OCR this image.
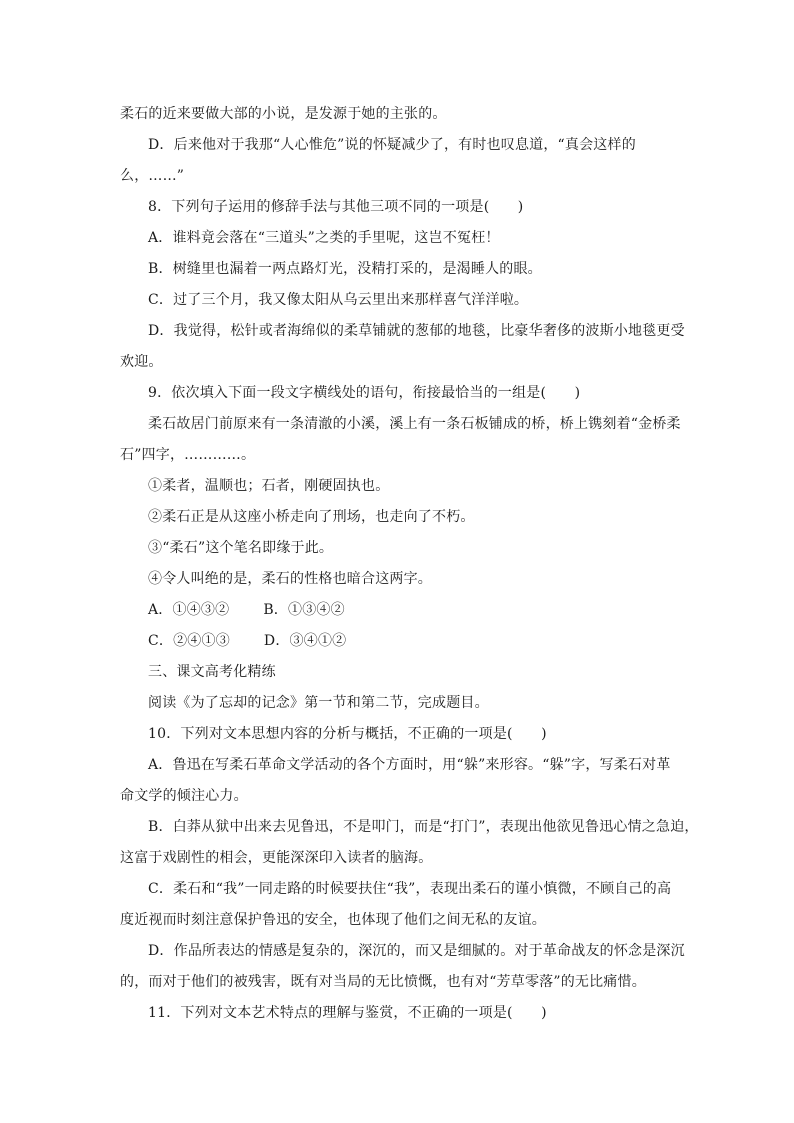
柔石的近来要做大部的小说，是发源于她的主张的。
D．后来他对于我那“人心惟危”说的怀疑减少了，有时也叹息道，“真会这样的
么，……”
8．下列句子运用的修辞手法与其他三项不同的一项是(　　)
A．谁料竟会落在“三道头”之类的手里呢，这岂不冤枉！
B．树缝里也漏着一两点路灯光，没精打采的，是渴睡人的眼。
C．过了三个月，我又像太阳从乌云里出来那样喜气洋洋啦。
D．我觉得，松针或者海绵似的柔草铺就的葱郁的地毯，比豪华奢侈的波斯小地毯更受
欢迎。
9．依次填入下面一段文字横线处的语句，衔接最恰当的一组是(　　)
柔石故居门前原来有一条清澈的小溪，溪上有一条石板铺成的桥，桥上镌刻着“金桥柔
石”四字，…………。
①柔者，温顺也；石者，刚硬固执也。
②柔石正是从这座小桥走向了刑场，也走向了不朽。
③“柔石”这个笔名即缘于此。
④令人叫绝的是，柔石的性格也暗合这两字。
A．①④③② B．①③④②
C．②④①③ D．③④①②
三、课文高考化精练
阅读《为了忘却的记念》第一节和第二节，完成题目。
10．下列对文本思想内容的分析与概括，不正确的一项是(　　)
A．鲁迅在写柔石革命文学活动的各个方面时，用“躲”来形容。“躲”字，写柔石对革
命文学的倾注心力。
B．白莽从狱中出来去见鲁迅，不是叩门，而是“打门”，表现出他欲见鲁迅心情之急迫，
这富于戏剧性的相会，更能深深印入读者的脑海。
C．柔石和“我”一同走路的时候要扶住“我”，表现出柔石的谨小慎微，不顾自己的高
度近视而时刻注意保护鲁迅的安全，也体现了他们之间无私的友谊。
D．作品所表达的情感是复杂的，深沉的，而又是细腻的。对于革命战友的怀念是深沉
的，而对于他们的被残害，既有对当局的无比愤慨，也有对“芳草零落”的无比痛惜。
11．下列对文本艺术特点的理解与鉴赏，不正确的一项是(　　)
